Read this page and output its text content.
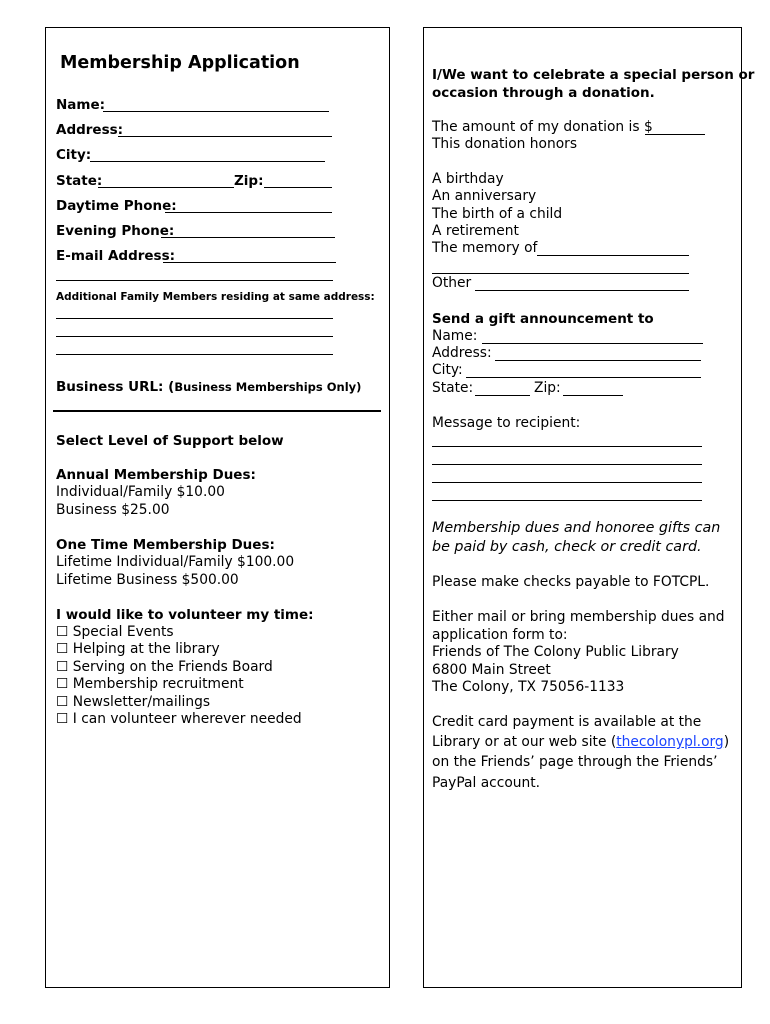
Membership Application
Name:
Address:
City:
State:	Zip:
Daytime Phone:
Evening Phone:
E-mail Address:
Additional Family Members residing at same address:
Business URL: (Business Memberships Only)
Select Level of Support below
Annual Membership Dues:
Individual/Family $10.00
Business $25.00
One Time Membership Dues:
Lifetime Individual/Family $100.00
Lifetime Business $500.00
I would like to volunteer my time:
☐ Special Events
☐ Helping at the library
☐ Serving on the Friends Board
☐ Membership recruitment
☐ Newsletter/mailings
☐ I can volunteer wherever needed
I/We want to celebrate a special person or
occasion through a donation.
The amount of my donation is $
This donation honors
A birthday
An anniversary
The birth of a child
A retirement
The memory of
Other
Send a gift announcement to
Name:
Address:
City:
State:	Zip:
Message to recipient:
Membership dues and honoree gifts can
be paid by cash, check or credit card.
Please make checks payable to FOTCPL.
Either mail or bring membership dues and
application form to:
Friends of The Colony Public Library
6800 Main Street
The Colony, TX 75056-1133
Credit card payment is available at the
Library or at our web site (thecolonypl.org)
on the Friends’ page through the Friends’
PayPal account.
